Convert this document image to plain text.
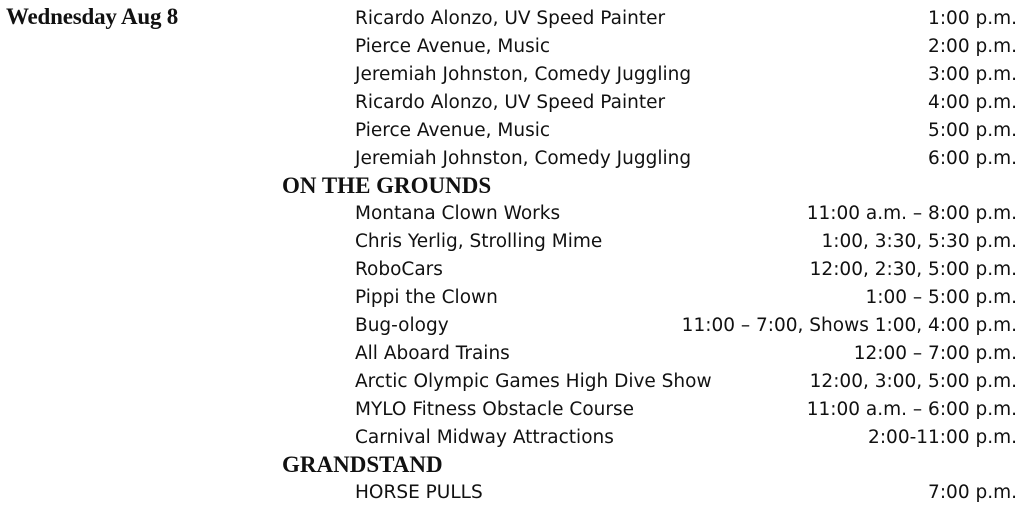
Wednesday Aug 8	Ricardo Alonzo, UV Speed Painter	1:00 p.m.
Pierce Avenue, Music	2:00 p.m.
Jeremiah Johnston, Comedy Juggling	3:00 p.m.
Ricardo Alonzo, UV Speed Painter	4:00 p.m.
Pierce Avenue, Music	5:00 p.m.
Jeremiah Johnston, Comedy Juggling	6:00 p.m.
ON THE GROUNDS
Montana Clown Works	11:00 a.m. – 8:00 p.m.
Chris Yerlig, Strolling Mime	1:00, 3:30, 5:30 p.m.
RoboCars	12:00, 2:30, 5:00 p.m.
Pippi the Clown	1:00 – 5:00 p.m.
Bug-ology	11:00 – 7:00, Shows 1:00, 4:00 p.m.
All Aboard Trains	12:00 – 7:00 p.m.
Arctic Olympic Games High Dive Show	12:00, 3:00, 5:00 p.m.
MYLO Fitness Obstacle Course	11:00 a.m. – 6:00 p.m.
Carnival Midway Attractions	2:00-11:00 p.m.
GRANDSTAND
HORSE PULLS	7:00 p.m.
